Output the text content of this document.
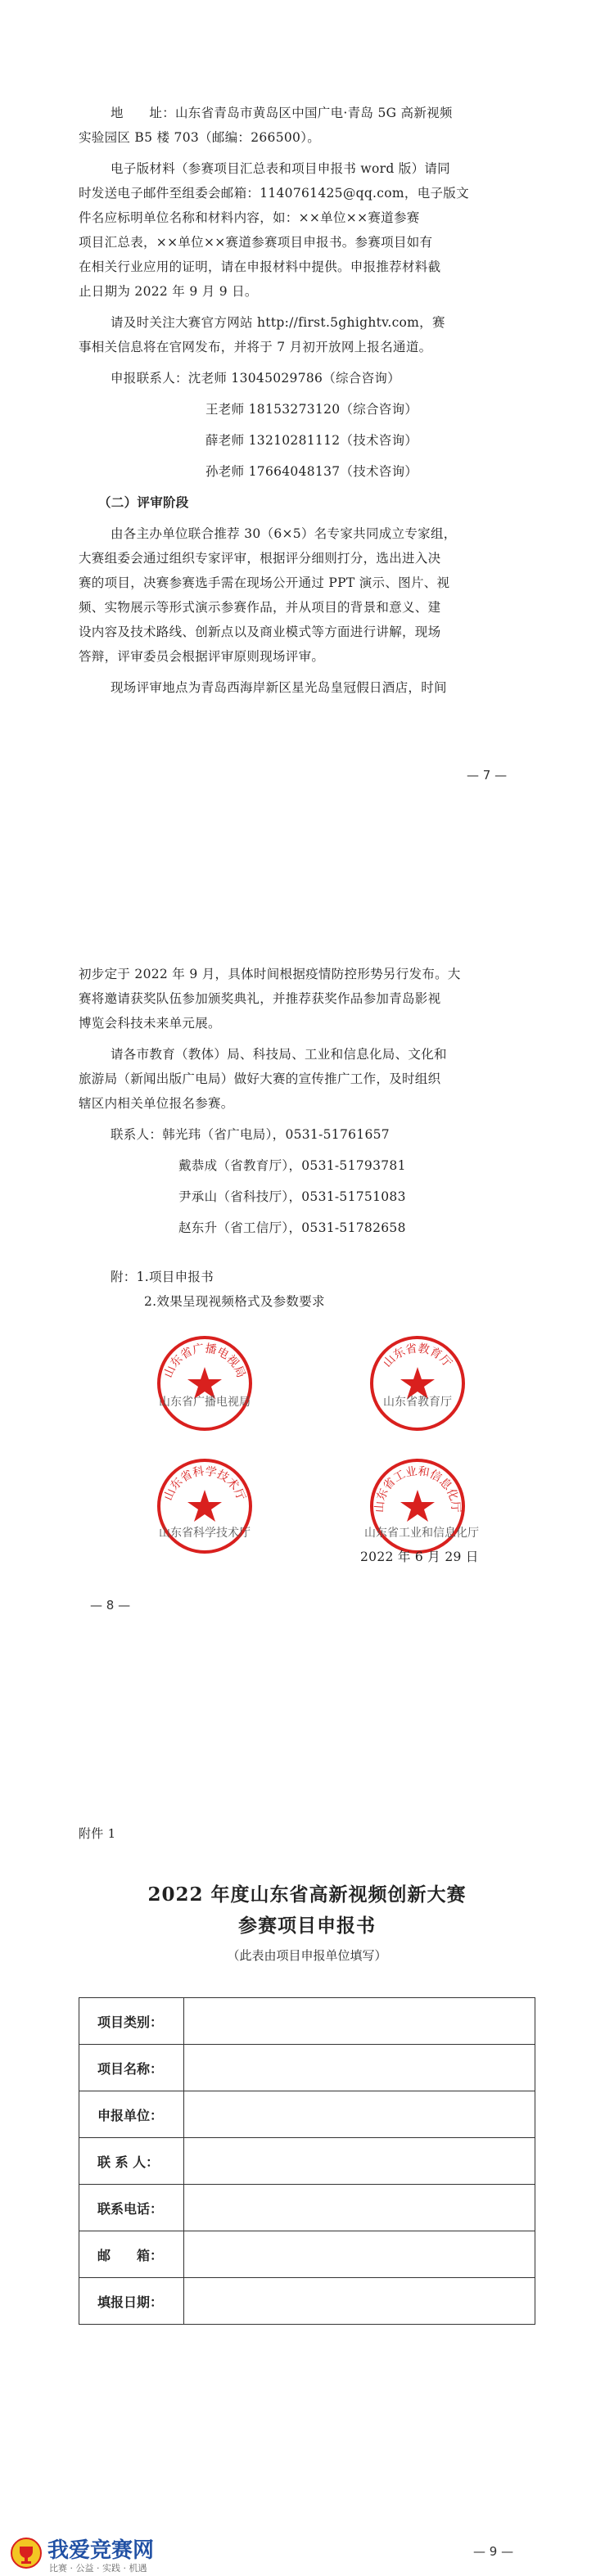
地　　址：山东省青岛市黄岛区中国广电·青岛 5G 高新视频
实验园区 B5 楼 703（邮编：266500）。
电子版材料（参赛项目汇总表和项目申报书 word 版）请同
时发送电子邮件至组委会邮箱：1140761425@qq.com，电子版文
件名应标明单位名称和材料内容，如：××单位××赛道参赛
项目汇总表，××单位××赛道参赛项目申报书。参赛项目如有
在相关行业应用的证明，请在申报材料中提供。申报推荐材料截
止日期为 2022 年 9 月 9 日。
请及时关注大赛官方网站 http://first.5ghightv.com，赛
事相关信息将在官网发布，并将于 7 月初开放网上报名通道。
申报联系人：沈老师 13045029786（综合咨询）
王老师 18153273120（综合咨询）
薛老师 13210281112（技术咨询）
孙老师 17664048137（技术咨询）
（二）评审阶段
由各主办单位联合推荐 30（6×5）名专家共同成立专家组，
大赛组委会通过组织专家评审，根据评分细则打分，选出进入决
赛的项目，决赛参赛选手需在现场公开通过 PPT 演示、图片、视
频、实物展示等形式演示参赛作品，并从项目的背景和意义、建
设内容及技术路线、创新点以及商业模式等方面进行讲解，现场
答辩，评审委员会根据评审原则现场评审。
现场评审地点为青岛西海岸新区星光岛皇冠假日酒店，时间
— 7 —
初步定于 2022 年 9 月，具体时间根据疫情防控形势另行发布。大
赛将邀请获奖队伍参加颁奖典礼，并推荐获奖作品参加青岛影视
博览会科技未来单元展。
请各市教育（教体）局、科技局、工业和信息化局、文化和
旅游局（新闻出版广电局）做好大赛的宣传推广工作，及时组织
辖区内相关单位报名参赛。
联系人：韩光玮（省广电局），0531-51761657
戴恭成（省教育厅），0531-51793781
尹承山（省科技厅），0531-51751083
赵东升（省工信厅），0531-51782658
附：1.项目申报书
2.效果呈现视频格式及参数要求
山东省广播电视局
山东省广播电视局
山东省教育厅
山东省教育厅
山东省科学技术厅
山东省科学技术厅
山东省工业和信息化厅
山东省工业和信息化厅
2022 年 6 月 29 日
— 8 —
附件 1
2022 年度山东省高新视频创新大赛
参赛项目申报书
（此表由项目申报单位填写）
项目类别：	
项目名称：	
申报单位：	
联 系 人：	
联系电话：	
邮　　箱：	
填报日期：	
— 9 —
我爱竞赛网
比赛 · 公益 · 实践 · 机遇
